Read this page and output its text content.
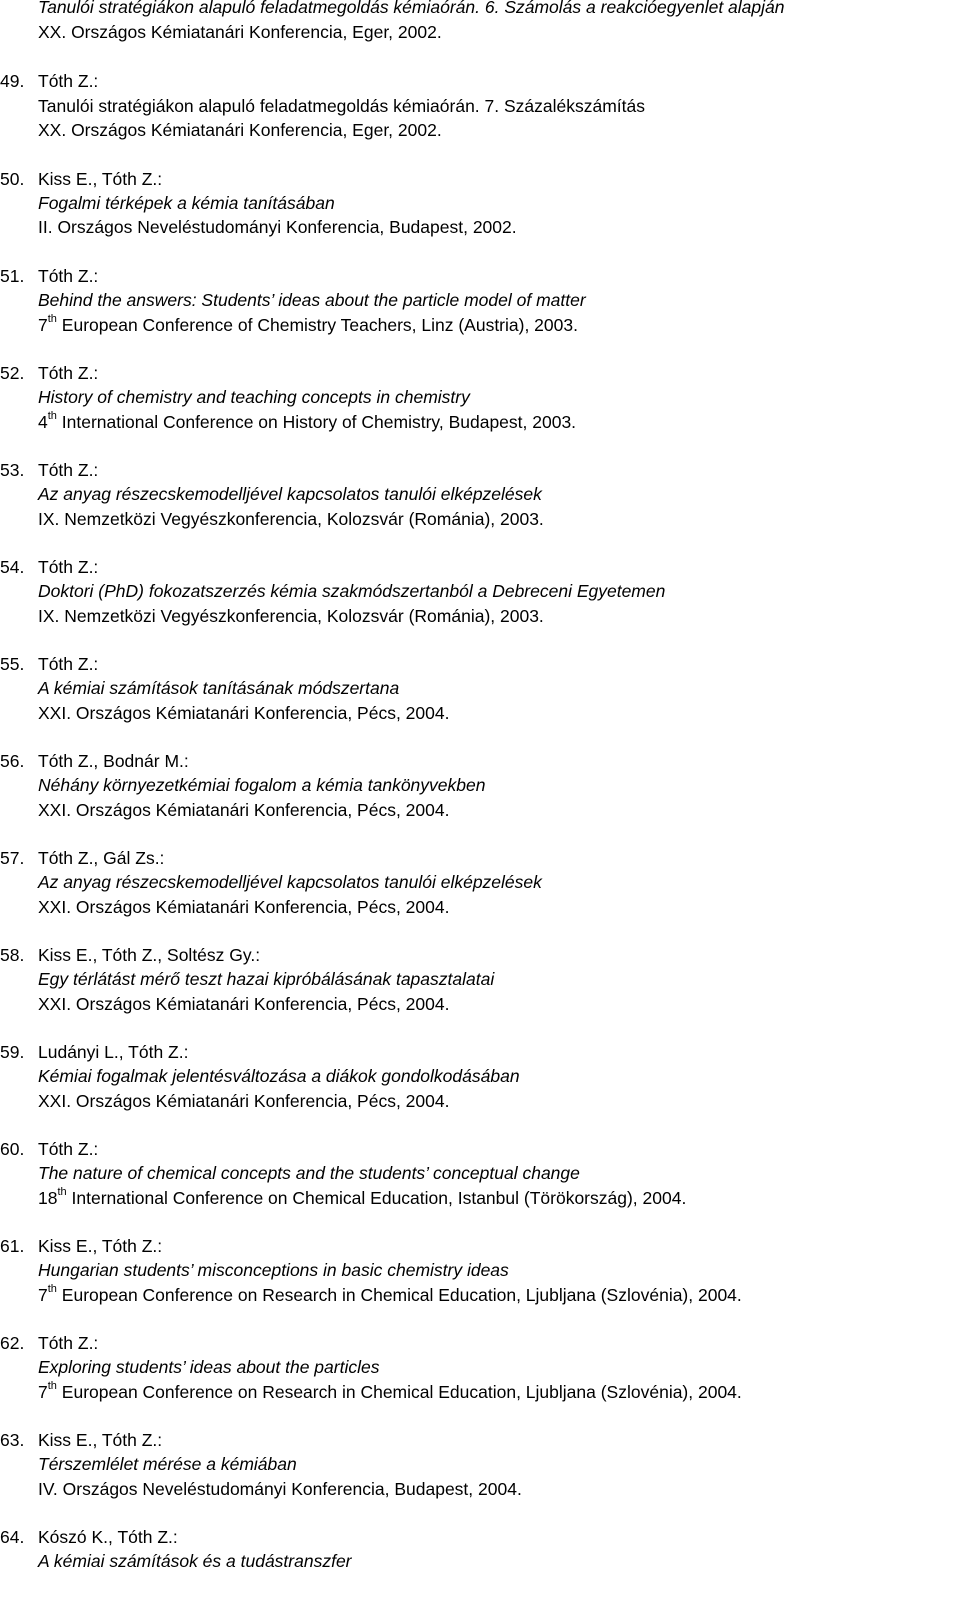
Tanulói stratégiákon alapuló feladatmegoldás kémiaórán. 6. Számolás a reakcióegyenlet alapján
XX. Országos Kémiatanári Konferencia, Eger, 2002.
49. Tóth Z.:
Tanulói stratégiákon alapuló feladatmegoldás kémiaórán. 7. Százalékszámítás
XX. Országos Kémiatanári Konferencia, Eger, 2002.
50. Kiss E., Tóth Z.:
Fogalmi térképek a kémia tanításában
II. Országos Neveléstudományi Konferencia, Budapest, 2002.
51. Tóth Z.:
Behind the answers: Students’ ideas about the particle model of matter
7th European Conference of Chemistry Teachers, Linz (Austria), 2003.
52. Tóth Z.:
History of chemistry and teaching concepts in chemistry
4th International Conference on History of Chemistry, Budapest, 2003.
53. Tóth Z.:
Az anyag részecskemodelljével kapcsolatos tanulói elképzelések
IX. Nemzetközi Vegyészkonferencia, Kolozsvár (Románia), 2003.
54. Tóth Z.:
Doktori (PhD) fokozatszerzés kémia szakmódszertanból a Debreceni Egyetemen
IX. Nemzetközi Vegyészkonferencia, Kolozsvár (Románia), 2003.
55. Tóth Z.:
A kémiai számítások tanításának módszertana
XXI. Országos Kémiatanári Konferencia, Pécs, 2004.
56. Tóth Z., Bodnár M.:
Néhány környezetkémiai fogalom a kémia tankönyvekben
XXI. Országos Kémiatanári Konferencia, Pécs, 2004.
57. Tóth Z., Gál Zs.:
Az anyag részecskemodelljével kapcsolatos tanulói elképzelések
XXI. Országos Kémiatanári Konferencia, Pécs, 2004.
58. Kiss E., Tóth Z., Soltész Gy.:
Egy térlátást mérő teszt hazai kipróbálásának tapasztalatai
XXI. Országos Kémiatanári Konferencia, Pécs, 2004.
59. Ludányi L., Tóth Z.:
Kémiai fogalmak jelentésváltozása a diákok gondolkodásában
XXI. Országos Kémiatanári Konferencia, Pécs, 2004.
60. Tóth Z.:
The nature of chemical concepts and the students’ conceptual change
18th International Conference on Chemical Education, Istanbul (Törökország), 2004.
61. Kiss E., Tóth Z.:
Hungarian students’ misconceptions in basic chemistry ideas
7th European Conference on Research in Chemical Education, Ljubljana (Szlovénia), 2004.
62. Tóth Z.:
Exploring students’ ideas about the particles
7th European Conference on Research in Chemical Education, Ljubljana (Szlovénia), 2004.
63. Kiss E., Tóth Z.:
Térszemlélet mérése a kémiában
IV. Országos Neveléstudományi Konferencia, Budapest, 2004.
64. Kószó K., Tóth Z.:
A kémiai számítások és a tudástranszfer
